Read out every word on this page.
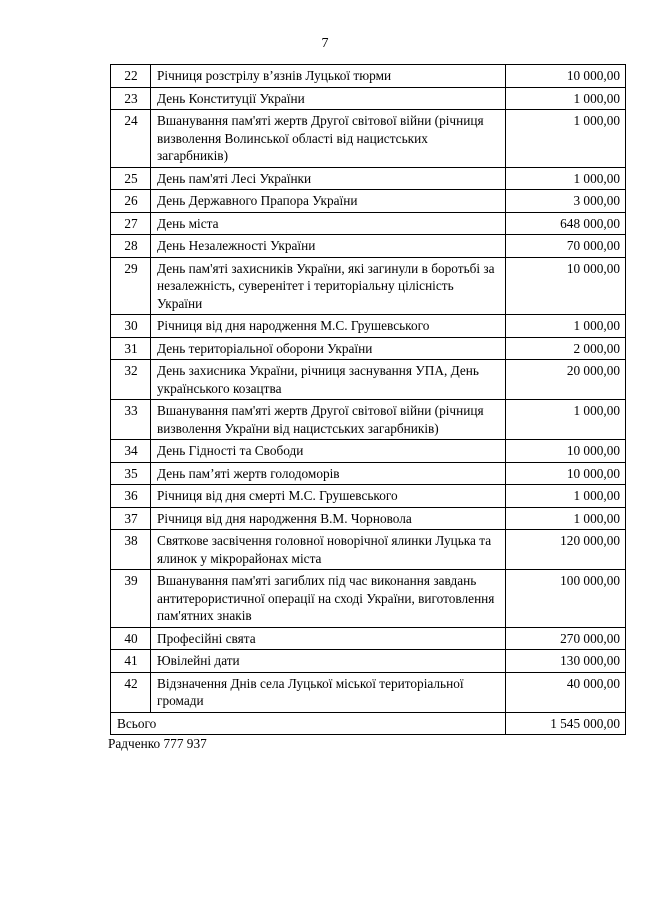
7
22	Річниця розстрілу в’язнів Луцької тюрми	10 000,00
23	День Конституції України	1 000,00
24	Вшанування пам'яті жертв Другої світової війни (річниця визволення Волинської області від нацистських загарбників)	1 000,00
25	День пам'яті Лесі Українки	1 000,00
26	День Державного Прапора України	3 000,00
27	День міста	648 000,00
28	День Незалежності України	70 000,00
29	День пам'яті захисників України, які загинули в боротьбі за незалежність, суверенітет і територіальну цілісність України	10 000,00
30	Річниця від дня народження М.С. Грушевського	1 000,00
31	День територіальної оборони України	2 000,00
32	День захисника України, річниця заснування УПА, День українського козацтва	20 000,00
33	Вшанування пам'яті жертв Другої світової війни (річниця визволення України від нацистських загарбників)	1 000,00
34	День Гідності та Свободи	10 000,00
35	День пам’яті жертв голодоморів	10 000,00
36	Річниця від дня смерті М.С. Грушевського	1 000,00
37	Річниця від дня народження В.М. Чорновола	1 000,00
38	Святкове засвічення головної новорічної ялинки Луцька та ялинок у мікрорайонах міста	120 000,00
39	Вшанування пам'яті загиблих під час виконання завдань антитерористичної операції на сході України, виготовлення пам'ятних знаків	100 000,00
40	Професійні свята	270 000,00
41	Ювілейні дати	130 000,00
42	Відзначення Днів села Луцької міської територіальної громади	40 000,00
Всього		1 545 000,00
Радченко 777 937
